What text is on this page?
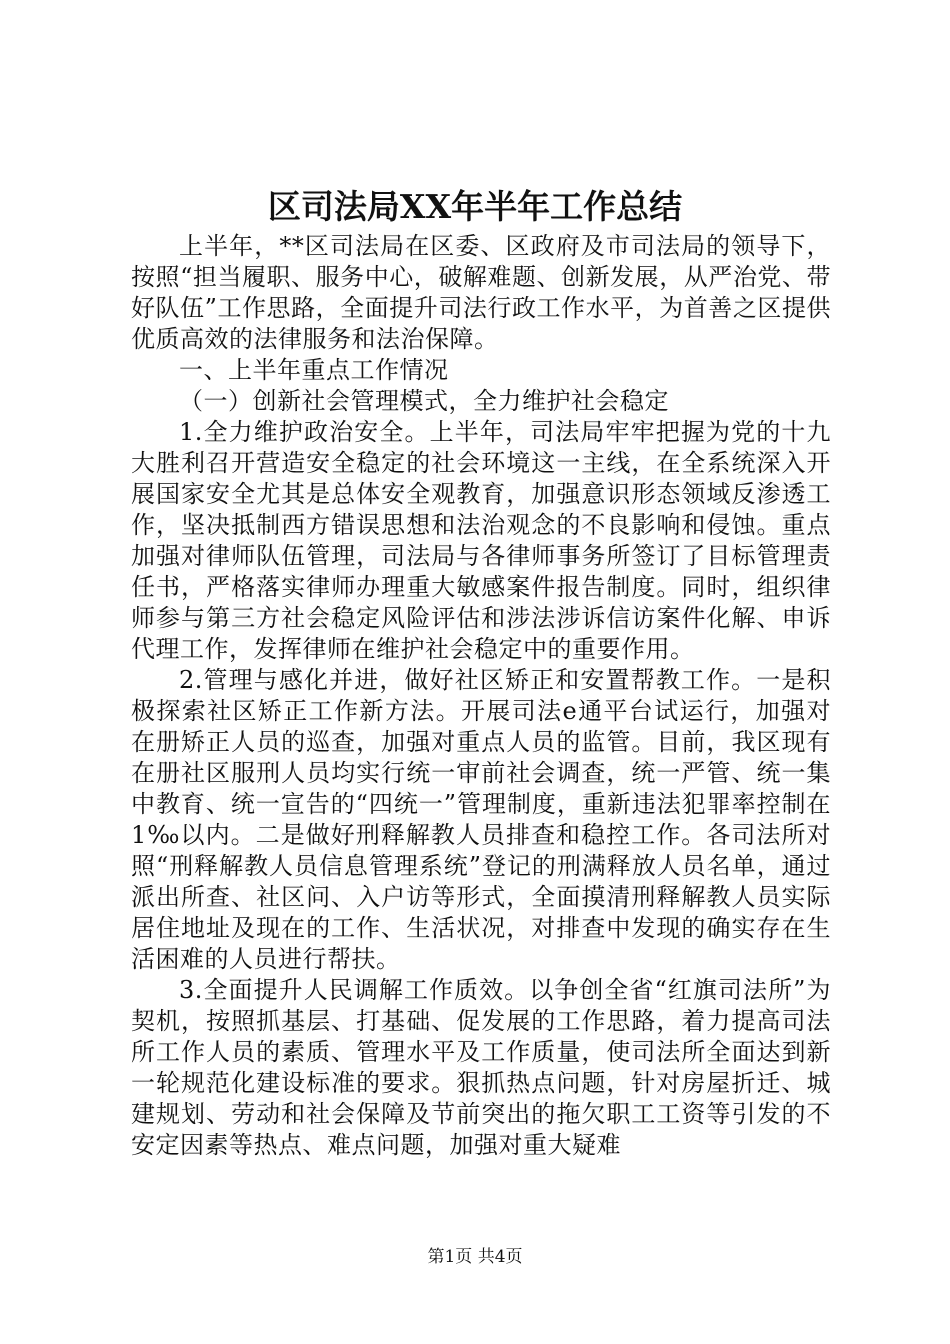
区司法局XX年半年工作总结

上半年，**区司法局在区委、区政府及市司法局的领导下，按照“担当履职、服务中心，破解难题、创新发展，从严治党、带好队伍”工作思路，全面提升司法行政工作水平，为首善之区提供优质高效的法律服务和法治保障。

一、上半年重点工作情况

（一）创新社会管理模式，全力维护社会稳定

1.全力维护政治安全。上半年，司法局牢牢把握为党的十九大胜利召开营造安全稳定的社会环境这一主线，在全系统深入开展国家安全尤其是总体安全观教育，加强意识形态领域反渗透工作，坚决抵制西方错误思想和法治观念的不良影响和侵蚀。重点加强对律师队伍管理，司法局与各律师事务所签订了目标管理责任书，严格落实律师办理重大敏感案件报告制度。同时，组织律师参与第三方社会稳定风险评估和涉法涉诉信访案件化解、申诉代理工作，发挥律师在维护社会稳定中的重要作用。

2.管理与感化并进，做好社区矫正和安置帮教工作。一是积极探索社区矫正工作新方法。开展司法e通平台试运行，加强对在册矫正人员的巡查，加强对重点人员的监管。目前，我区现有在册社区服刑人员均实行统一审前社会调查，统一严管、统一集中教育、统一宣告的“四统一”管理制度，重新违法犯罪率控制在1‰以内。二是做好刑释解教人员排查和稳控工作。各司法所对照“刑释解教人员信息管理系统”登记的刑满释放人员名单，通过派出所查、社区问、入户访等形式，全面摸清刑释解教人员实际居住地址及现在的工作、生活状况，对排查中发现的确实存在生活困难的人员进行帮扶。

3.全面提升人民调解工作质效。以争创全省“红旗司法所”为契机，按照抓基层、打基础、促发展的工作思路，着力提高司法所工作人员的素质、管理水平及工作质量，使司法所全面达到新一轮规范化建设标准的要求。狠抓热点问题，针对房屋折迁、城建规划、劳动和社会保障及节前突出的拖欠职工工资等引发的不安定因素等热点、难点问题，加强对重大疑难

第1页 共4页
